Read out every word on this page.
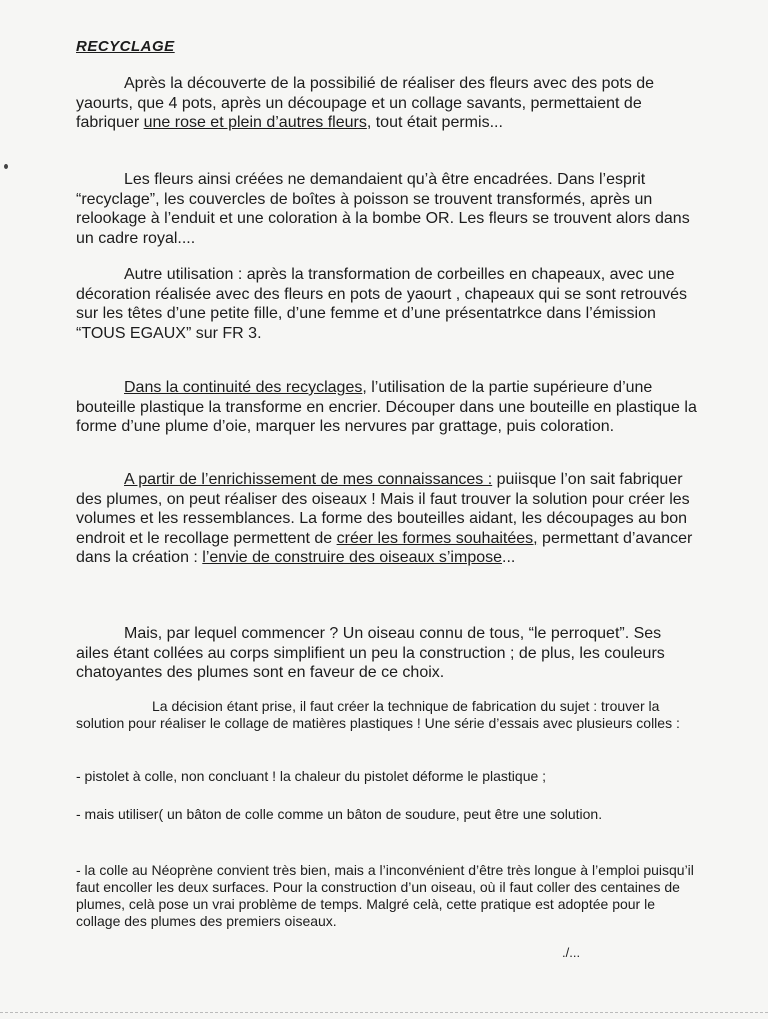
RECYCLAGE
Après la découverte de la possibilié de réaliser des fleurs avec des pots de yaourts, que 4 pots, après un découpage et un collage savants, permettaient de fabriquer une rose et plein d’autres fleurs, tout était permis...
Les fleurs ainsi créées ne demandaient qu’à être encadrées. Dans l’esprit “recyclage”, les couvercles de boîtes à poisson se trouvent transformés, après un relookage à l’enduit et une coloration à la bombe OR. Les fleurs se trouvent alors dans un cadre royal....
Autre utilisation : après la transformation de corbeilles en chapeaux, avec une décoration réalisée avec des fleurs en pots de yaourt , chapeaux qui se sont retrouvés sur les têtes d’une petite fille, d’une femme et d’une présentatrkce dans l’émission “TOUS EGAUX” sur FR 3.
Dans la continuité des recyclages, l’utilisation de la partie supérieure d’une bouteille plastique la transforme en encrier. Découper dans une bouteille en plastique la forme d’une plume d’oie, marquer les nervures par grattage, puis coloration.
A partir de l’enrichissement de mes connaissances : puiisque l’on sait fabriquer des plumes, on peut réaliser des oiseaux ! Mais il faut trouver la solution pour créer les volumes et les ressemblances. La forme des bouteilles aidant, les découpages au bon endroit et le recollage permettent de créer les formes souhaitées, permettant d’avancer dans la création : l’envie de construire des oiseaux s’impose...
Mais, par lequel commencer ? Un oiseau connu de tous, “le perroquet”. Ses ailes étant collées au corps simplifient un peu la construction ; de plus, les couleurs chatoyantes des plumes sont en faveur de ce choix.
La décision étant prise, il faut créer la technique de fabrication du sujet : trouver la solution pour réaliser le collage de matières plastiques ! Une série d’essais avec plusieurs colles :
- pistolet à colle, non concluant ! la chaleur du pistolet déforme le plastique ;
- mais utiliser( un bâton de colle comme un bâton de soudure, peut être une solution.
- la colle au Néoprène convient très bien, mais a l’inconvénient d’être très longue à l’emploi puisqu’il faut encoller les deux surfaces. Pour la construction d’un oiseau, où il faut coller des centaines de plumes, celà pose un vrai problème de temps. Malgré celà, cette pratique est adoptée pour le collage des plumes des premiers oiseaux.
./...
